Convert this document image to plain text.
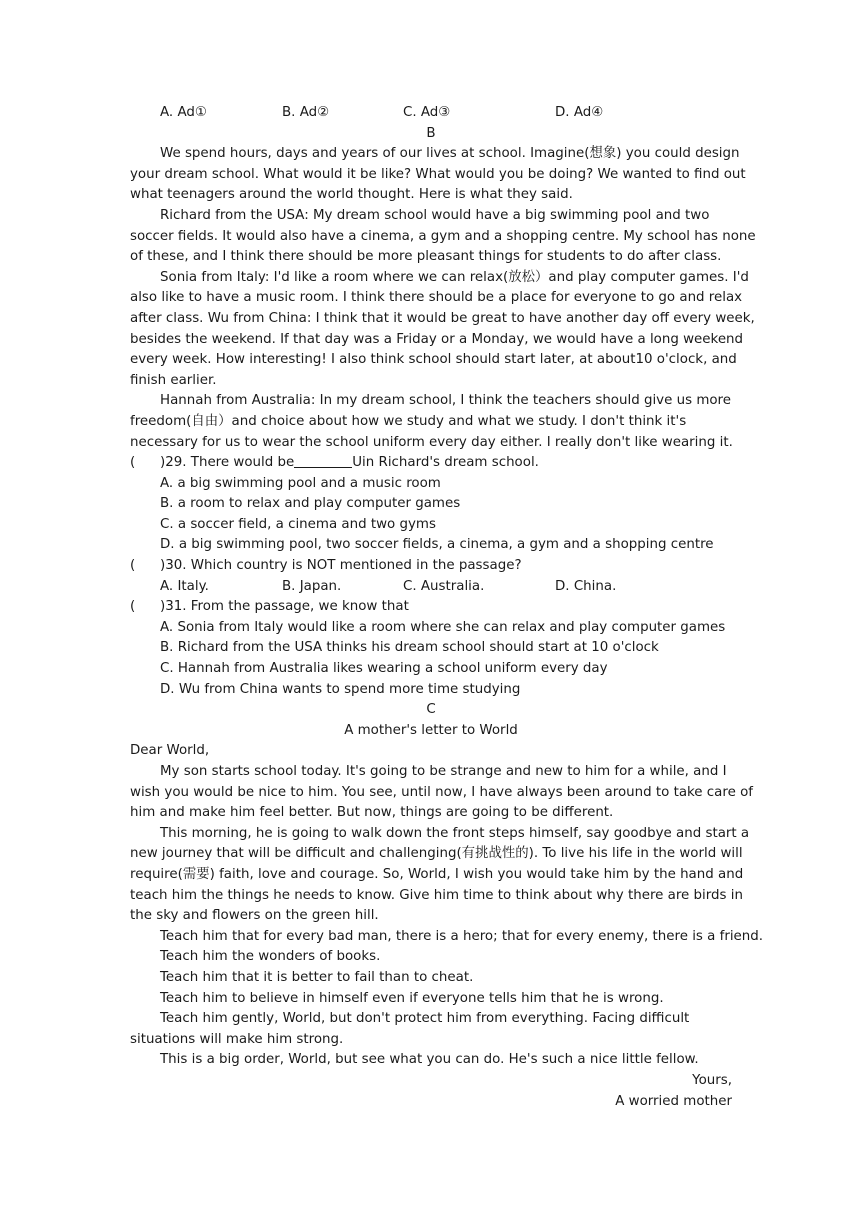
A. Ad①	B. Ad②	C. Ad③	D. Ad④
B
We spend hours, days and years of our lives at school. Imagine(想象) you could design
your dream school. What would it be like? What would you be doing? We wanted to find out
what teenagers around the world thought. Here is what they said.
Richard from the USA: My dream school would have a big swimming pool and two
soccer fields. It would also have a cinema, a gym and a shopping centre. My school has none
of these, and I think there should be more pleasant things for students to do after class.
Sonia from Italy: I'd like a room where we can relax(放松）and play computer games. I'd
also like to have a music room. I think there should be a place for everyone to go and relax
after class. Wu from China: I think that it would be great to have another day off every week,
besides the weekend. If that day was a Friday or a Monday, we would have a long weekend
every week. How interesting! I also think school should start later, at about10 o'clock, and
finish earlier.
Hannah from Australia: In my dream school, I think the teachers should give us more
freedom(自由）and choice about how we study and what we study. I don't think it's
necessary for us to wear the school uniform every day either. I really don't like wearing it.
(	)29. There would be	Uin Richard's dream school.
A. a big swimming pool and a music room
B. a room to relax and play computer games
C. a soccer field, a cinema and two gyms
D. a big swimming pool, two soccer fields, a cinema, a gym and a shopping centre
(	)30. Which country is NOT mentioned in the passage?
A. Italy.	B. Japan.	C. Australia.	D. China.
(	)31. From the passage, we know that
A. Sonia from Italy would like a room where she can relax and play computer games
B. Richard from the USA thinks his dream school should start at 10 o'clock
C. Hannah from Australia likes wearing a school uniform every day
D. Wu from China wants to spend more time studying
C
A mother's letter to World
Dear World,
My son starts school today. It's going to be strange and new to him for a while, and I
wish you would be nice to him. You see, until now, I have always been around to take care of
him and make him feel better. But now, things are going to be different.
This morning, he is going to walk down the front steps himself, say goodbye and start a
new journey that will be difficult and challenging(有挑战性的). To live his life in the world will
require(需要) faith, love and courage. So, World, I wish you would take him by the hand and
teach him the things he needs to know. Give him time to think about why there are birds in
the sky and flowers on the green hill.
Teach him that for every bad man, there is a hero; that for every enemy, there is a friend.
Teach him the wonders of books.
Teach him that it is better to fail than to cheat.
Teach him to believe in himself even if everyone tells him that he is wrong.
Teach him gently, World, but don't protect him from everything. Facing difficult
situations will make him strong.
This is a big order, World, but see what you can do. He's such a nice little fellow.
Yours,
A worried mother
